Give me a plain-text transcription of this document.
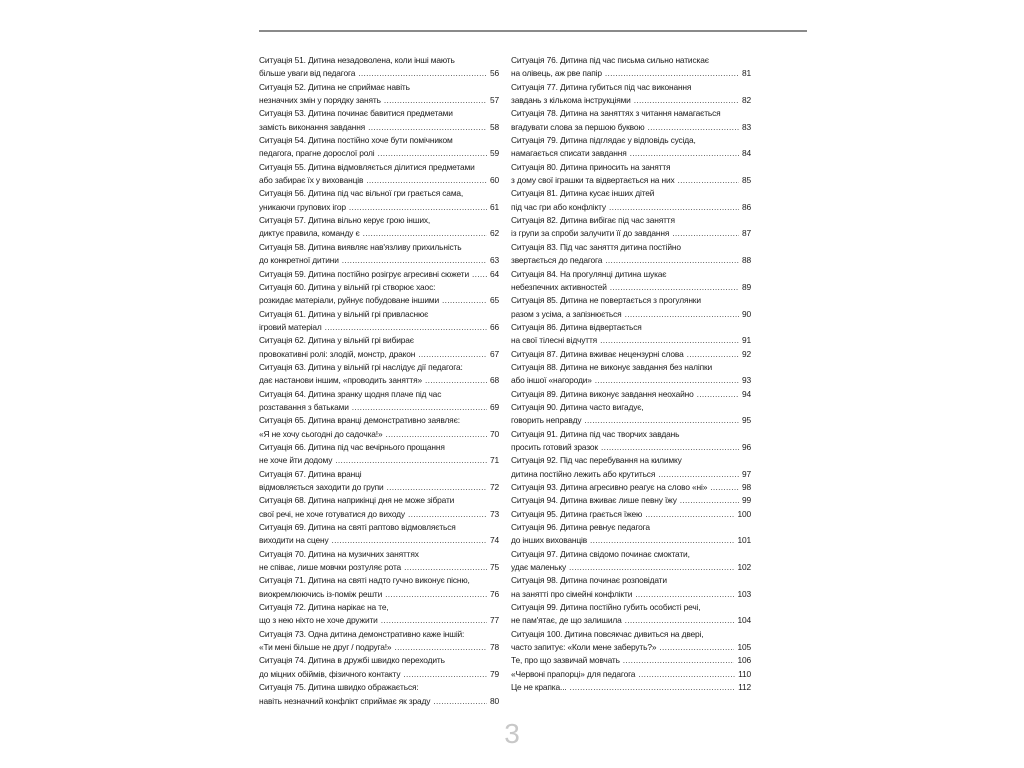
Ситуація 51. Дитина незадоволена, коли інші мають
більше уваги від педагога .....	56
Ситуація 52. Дитина не сприймає навіть
незначних змін у порядку занять .....	57
Ситуація 53. Дитина починає бавитися предметами
замість виконання завдання .....	58
Ситуація 54. Дитина постійно хоче бути помічником
педагога, прагне дорослої ролі .....	59
Ситуація 55. Дитина відмовляється ділитися предметами
або забирає їх у вихованців .....	60
Ситуація 56. Дитина під час вільної гри грається сама,
уникаючи групових ігор .....	61
Ситуація 57. Дитина вільно керує грою інших,
диктує правила, команду є .....	62
Ситуація 58. Дитина виявляє нав'язливу прихильність
до конкретної дитини .....	63
Ситуація 59. Дитина постійно розігрує агресивні сюжети ..... 64
Ситуація 60. Дитина у вільній грі створює хаос:
розкидає матеріали, руйнує побудоване іншими .....	65
Ситуація 61. Дитина у вільній грі привласнює
ігровий матеріал .....	66
Ситуація 62. Дитина у вільній грі вибирає
провокативні ролі: злодій, монстр, дракон .....	67
Ситуація 63. Дитина у вільній грі наслідує дії педагога:
дає настанови іншим, «проводить заняття» .....	68
Ситуація 64. Дитина зранку щодня плаче під час
розставання з батьками .....	69
Ситуація 65. Дитина вранці демонстративно заявляє:
«Я не хочу сьогодні до садочка!» .....	70
Ситуація 66. Дитина під час вечірнього прощання
не хоче йти додому .....	71
Ситуація 67. Дитина вранці
відмовляється заходити до групи .....	72
Ситуація 68. Дитина наприкінці дня не може зібрати
свої речі, не хоче готуватися до виходу .....	73
Ситуація 69. Дитина на святі раптово відмовляється
виходити на сцену .....	74
Ситуація 70. Дитина на музичних заняттях
не співає, лише мовчки розтуляє рота .....	75
Ситуація 71. Дитина на святі надто гучно виконує пісню,
виокремлюючись із-поміж решти .....	76
Ситуація 72. Дитина нарікає на те,
що з нею ніхто не хоче дружити .....	77
Ситуація 73. Одна дитина демонстративно каже іншій:
«Ти мені більше не друг / подруга!» .....	78
Ситуація 74. Дитина в дружбі швидко переходить
до міцних обіймів, фізичного контакту .....	79
Ситуація 75. Дитина швидко ображається:
навіть незначний конфлікт сприймає як зраду .....	80
Ситуація 76. Дитина під час письма сильно натискає
на олівець, аж рве папір .....	81
Ситуація 77. Дитина губиться під час виконання
завдань з кількома інструкціями .....	82
Ситуація 78. Дитина на заняттях з читання намагається
вгадувати слова за першою буквою .....	83
Ситуація 79. Дитина підглядає у відповідь сусіда,
намагається списати завдання .....	84
Ситуація 80. Дитина приносить на заняття
з дому свої іграшки та відвертається на них .....	85
Ситуація 81. Дитина кусає інших дітей
під час гри або конфлікту .....	86
Ситуація 82. Дитина вибігає під час заняття
із групи за спроби залучити її до завдання .....	87
Ситуація 83. Під час заняття дитина постійно
звертається до педагога .....	88
Ситуація 84. На прогулянці дитина шукає
небезпечних активностей .....	89
Ситуація 85. Дитина не повертається з прогулянки
разом з усіма, а запізнюється .....	90
Ситуація 86. Дитина відвертається
на свої тілесні відчуття .....	91
Ситуація 87. Дитина вживає нецензурні слова .....	92
Ситуація 88. Дитина не виконує завдання без наліпки
або іншої «нагороди» .....	93
Ситуація 89. Дитина виконує завдання неохайно .....	94
Ситуація 90. Дитина часто вигадує,
говорить неправду .....	95
Ситуація 91. Дитина під час творчих завдань
просить готовий зразок .....	96
Ситуація 92. Під час перебування на килимку
дитина постійно лежить або крутиться .....	97
Ситуація 93. Дитина агресивно реагує на слово «ні» .....	98
Ситуація 94. Дитина вживає лише певну їжу .....	99
Ситуація 95. Дитина грається їжею .....	100
Ситуація 96. Дитина ревнує педагога
до інших вихованців .....	101
Ситуація 97. Дитина свідомо починає смоктати,
удає маленьку .....	102
Ситуація 98. Дитина починає розповідати
на занятті про сімейні конфлікти .....	103
Ситуація 99. Дитина постійно губить особисті речі,
не пам'ятає, де що залишила .....	104
Ситуація 100. Дитина повсякчас дивиться на двері,
часто запитує: «Коли мене заберуть?» .....	105
Те, про що зазвичай мовчать .....	106
«Червоні прапорці» для педагога .....	110
Це не крапка... .....	112
3
